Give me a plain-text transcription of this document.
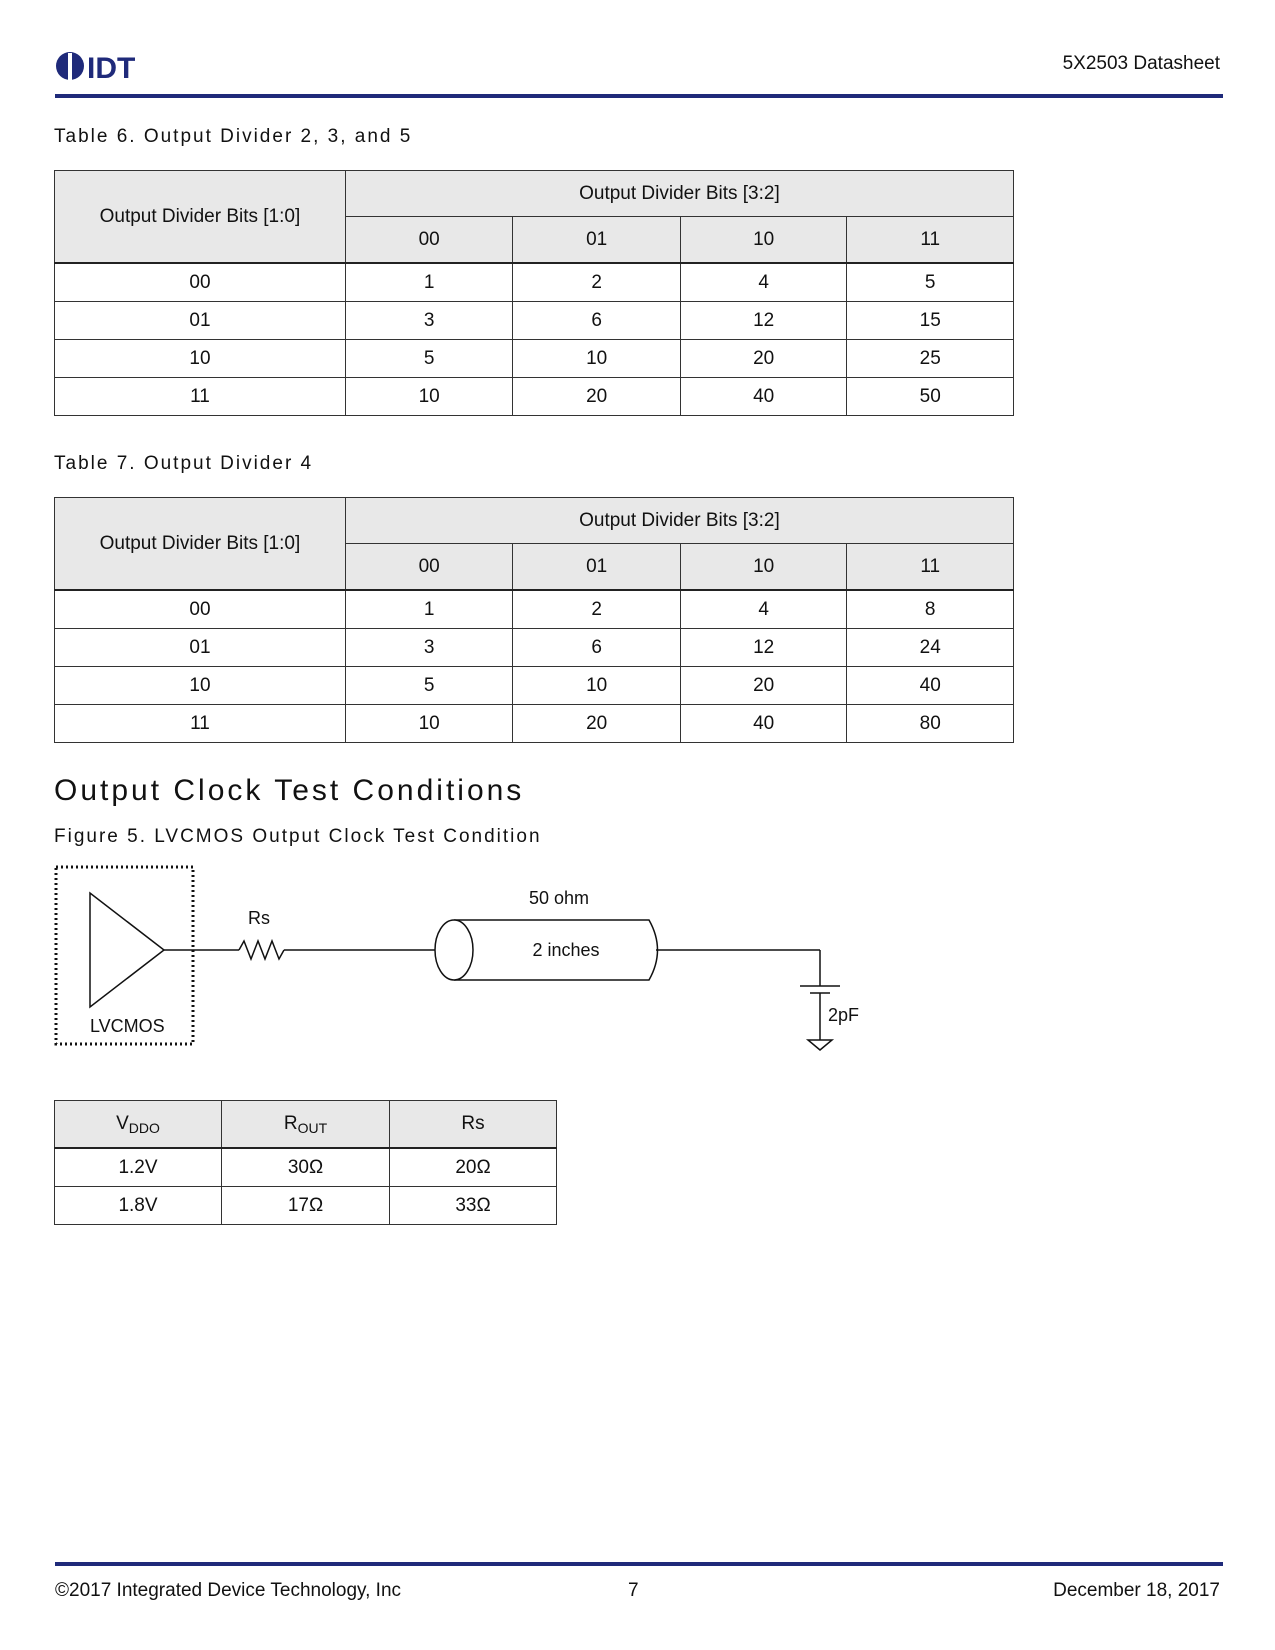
IDT	5X2503 Datasheet
Table 6. Output Divider 2, 3, and 5
Output Divider Bits [1:0]	Output Divider Bits [3:2]			
	00	01	10	11
00	1	2	4	5
01	3	6	12	15
10	5	10	20	25
11	10	20	40	50
Table 7. Output Divider 4
Output Divider Bits [1:0]	Output Divider Bits [3:2]			
	00	01	10	11
00	1	2	4	8
01	3	6	12	24
10	5	10	20	40
11	10	20	40	80
Output Clock Test Conditions
Figure 5. LVCMOS Output Clock Test Condition
LVCMOS
Rs
50 ohm
2 inches
2pF
$V_{DDO}$	$R_{OUT}$	Rs
1.2V	30Ω	20Ω
1.8V	17Ω	33Ω
©2017 Integrated Device Technology, Inc	7	December 18, 2017
